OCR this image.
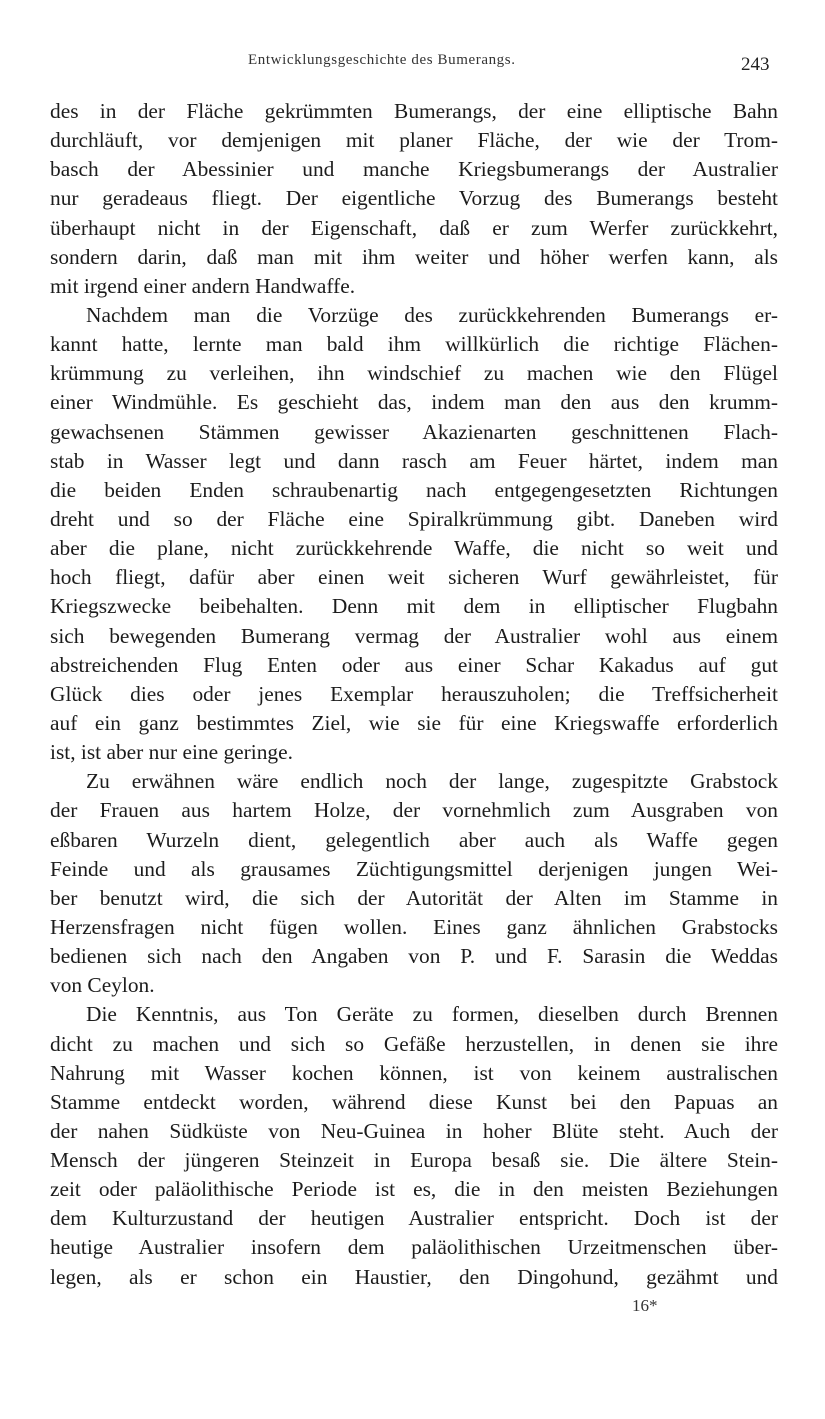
Entwicklungsgeschichte des Bumerangs.	243
des in der Fläche gekrümmten Bumerangs, der eine elliptische Bahn
durchläuft, vor demjenigen mit planer Fläche, der wie der Trom-
basch der Abessinier und manche Kriegsbumerangs der Australier
nur geradeaus fliegt. Der eigentliche Vorzug des Bumerangs besteht
überhaupt nicht in der Eigenschaft, daß er zum Werfer zurückkehrt,
sondern darin, daß man mit ihm weiter und höher werfen kann, als
mit irgend einer andern Handwaffe.
Nachdem man die Vorzüge des zurückkehrenden Bumerangs er-
kannt hatte, lernte man bald ihm willkürlich die richtige Flächen-
krümmung zu verleihen, ihn windschief zu machen wie den Flügel
einer Windmühle. Es geschieht das, indem man den aus den krumm-
gewachsenen Stämmen gewisser Akazienarten geschnittenen Flach-
stab in Wasser legt und dann rasch am Feuer härtet, indem man
die beiden Enden schraubenartig nach entgegengesetzten Richtungen
dreht und so der Fläche eine Spiralkrümmung gibt. Daneben wird
aber die plane, nicht zurückkehrende Waffe, die nicht so weit und
hoch fliegt, dafür aber einen weit sicheren Wurf gewährleistet, für
Kriegszwecke beibehalten. Denn mit dem in elliptischer Flugbahn
sich bewegenden Bumerang vermag der Australier wohl aus einem
abstreichenden Flug Enten oder aus einer Schar Kakadus auf gut
Glück dies oder jenes Exemplar herauszuholen; die Treffsicherheit
auf ein ganz bestimmtes Ziel, wie sie für eine Kriegswaffe erforderlich
ist, ist aber nur eine geringe.
Zu erwähnen wäre endlich noch der lange, zugespitzte Grabstock
der Frauen aus hartem Holze, der vornehmlich zum Ausgraben von
eßbaren Wurzeln dient, gelegentlich aber auch als Waffe gegen
Feinde und als grausames Züchtigungsmittel derjenigen jungen Wei-
ber benutzt wird, die sich der Autorität der Alten im Stamme in
Herzensfragen nicht fügen wollen. Eines ganz ähnlichen Grabstocks
bedienen sich nach den Angaben von P. und F. Sarasin die Weddas
von Ceylon.
Die Kenntnis, aus Ton Geräte zu formen, dieselben durch Brennen
dicht zu machen und sich so Gefäße herzustellen, in denen sie ihre
Nahrung mit Wasser kochen können, ist von keinem australischen
Stamme entdeckt worden, während diese Kunst bei den Papuas an
der nahen Südküste von Neu-Guinea in hoher Blüte steht. Auch der
Mensch der jüngeren Steinzeit in Europa besaß sie. Die ältere Stein-
zeit oder paläolithische Periode ist es, die in den meisten Beziehungen
dem Kulturzustand der heutigen Australier entspricht. Doch ist der
heutige Australier insofern dem paläolithischen Urzeitmenschen über-
legen, als er schon ein Haustier, den Dingohund, gezähmt und
16*
